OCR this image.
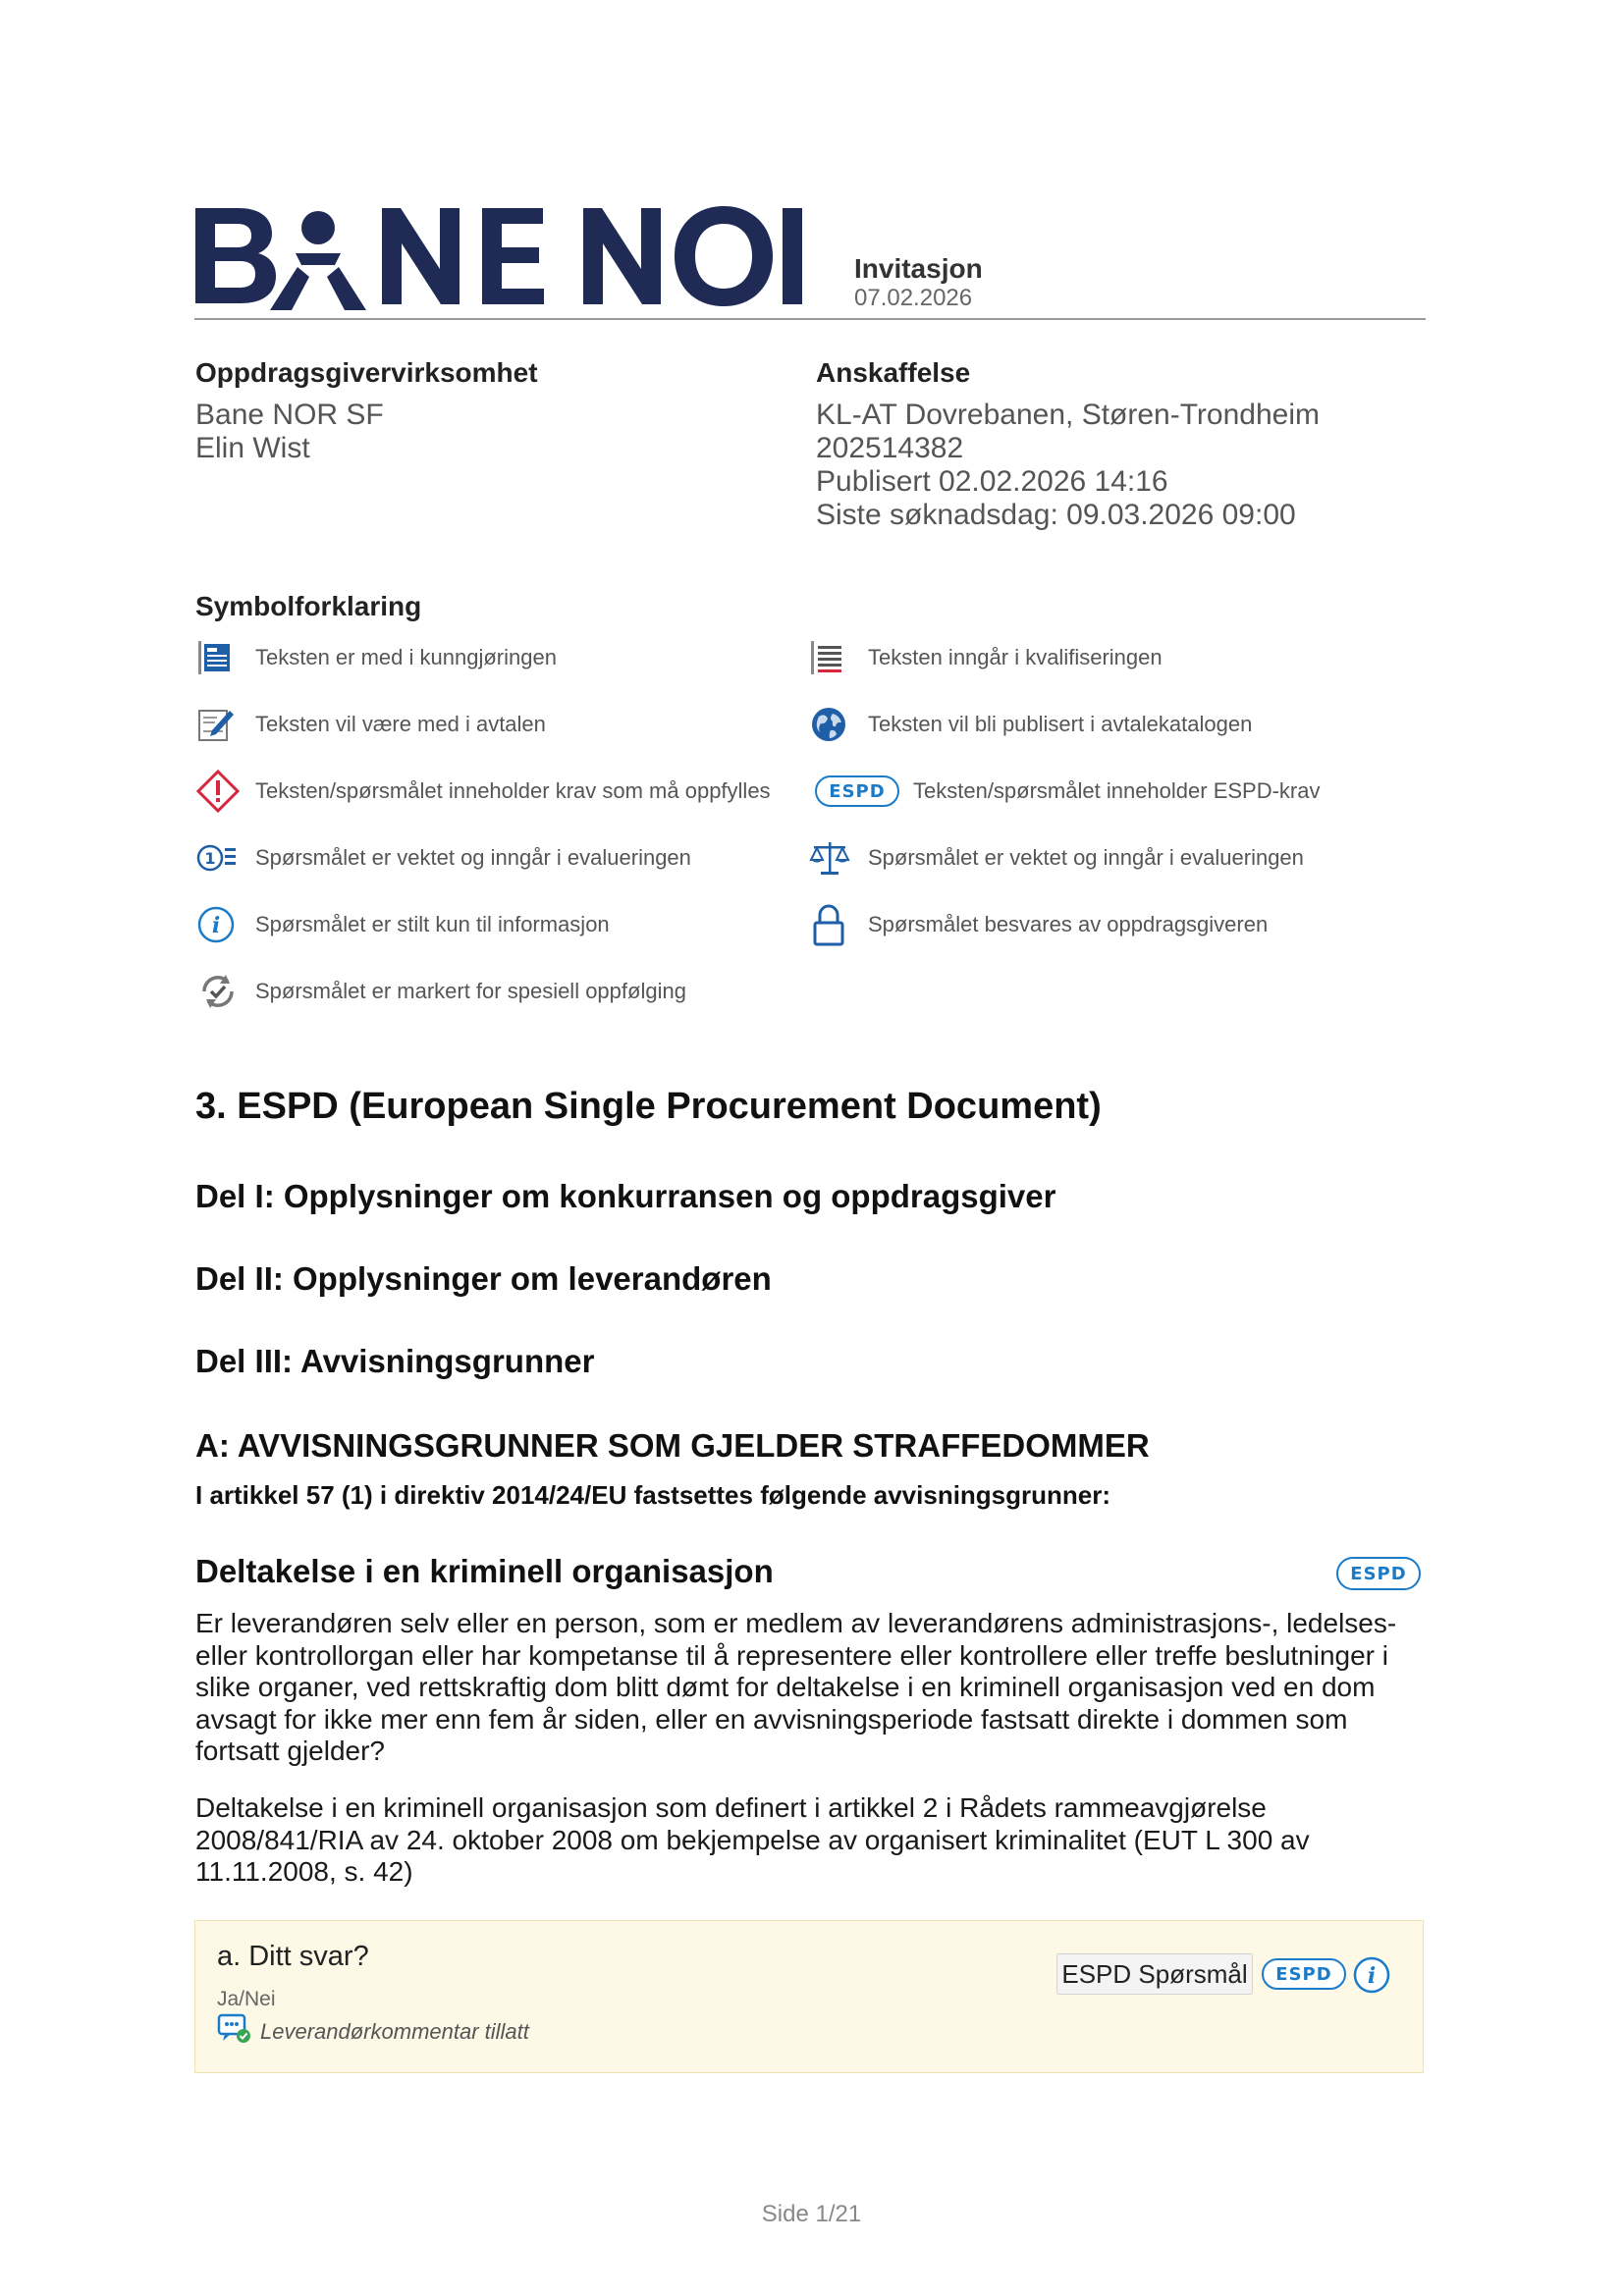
Invitasjon
07.02.2026
Oppdragsgivervirksomhet
Bane NOR SF
Elin Wist
Anskaffelse
KL-AT Dovrebanen, Støren-Trondheim
202514382
Publisert 02.02.2026 14:16
Siste søknadsdag: 09.03.2026 09:00
Symbolforklaring
Teksten er med i kunngjøringen	Teksten inngår i kvalifiseringen
Teksten vil være med i avtalen	Teksten vil bli publisert i avtalekatalogen
Teksten/spørsmålet inneholder krav som må oppfylles	ESPD	Teksten/spørsmålet inneholder ESPD-krav
1 Spørsmålet er vektet og inngår i evalueringen	Spørsmålet er vektet og inngår i evalueringen
i Spørsmålet er stilt kun til informasjon	Spørsmålet besvares av oppdragsgiveren
Spørsmålet er markert for spesiell oppfølging
3. ESPD (European Single Procurement Document)
Del I: Opplysninger om konkurransen og oppdragsgiver
Del II: Opplysninger om leverandøren
Del III: Avvisningsgrunner
A: AVVISNINGSGRUNNER SOM GJELDER STRAFFEDOMMER
I artikkel 57 (1) i direktiv 2014/24/EU fastsettes følgende avvisningsgrunner:
Deltakelse i en kriminell organisasjon	ESPD
Er leverandøren selv eller en person, som er medlem av leverandørens administrasjons-, ledelses-
eller kontrollorgan eller har kompetanse til å representere eller kontrollere eller treffe beslutninger i
slike organer, ved rettskraftig dom blitt dømt for deltakelse i en kriminell organisasjon ved en dom
avsagt for ikke mer enn fem år siden, eller en avvisningsperiode fastsatt direkte i dommen som
fortsatt gjelder?
Deltakelse i en kriminell organisasjon som definert i artikkel 2 i Rådets rammeavgjørelse
2008/841/RIA av 24. oktober 2008 om bekjempelse av organisert kriminalitet (EUT L 300 av
11.11.2008, s. 42)
a. Ditt svar?
Ja/Nei
Leverandørkommentar tillatt
ESPD Spørsmål	ESPD	i
Side 1/21
